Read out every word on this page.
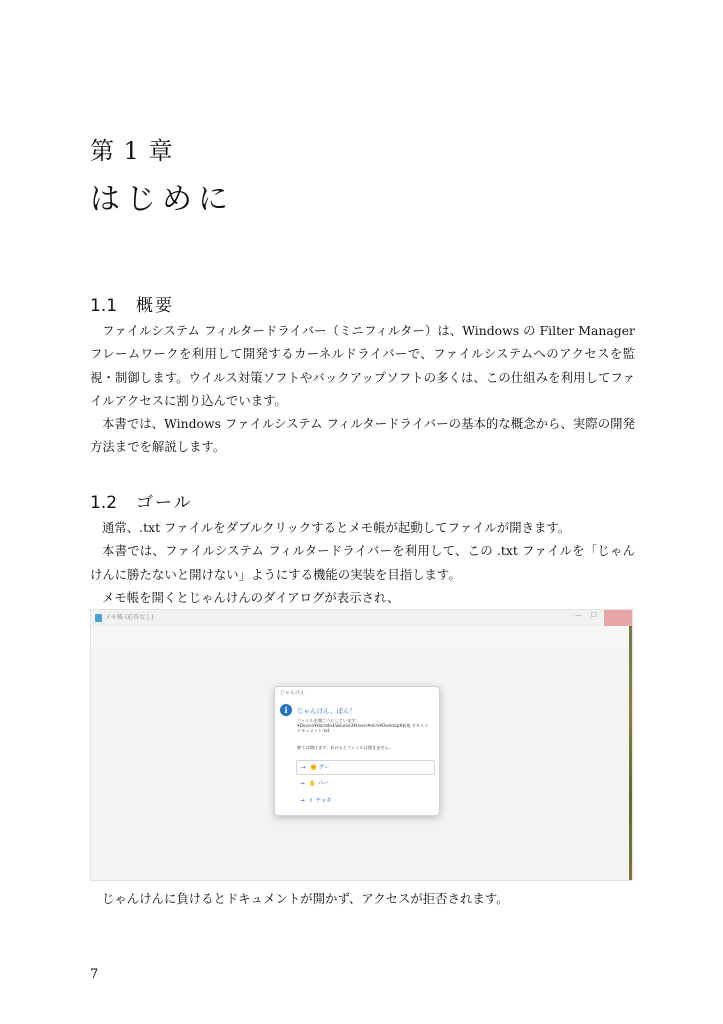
第 1 章
はじめに
1.1 概要

ファイルシステム フィルタードライバー（ミニフィルター）は、Windows の Filter Manager フレームワークを利用して開発するカーネルドライバーで、ファイルシステムへのアクセスを監視・制御します。ウイルス対策ソフトやバックアップソフトの多くは、この仕組みを利用してファイルアクセスに割り込んでいます。

本書では、Windows ファイルシステム フィルタードライバーの基本的な概念から、実際の開発方法までを解説します。

1.2 ゴール

通常、.txt ファイルをダブルクリックするとメモ帳が起動してファイルが開きます。

本書では、ファイルシステム フィルタードライバーを利用して、この .txt ファイルを「じゃんけんに勝たないと開けない」ようにする機能の実装を目指します。

メモ帳を開くとじゃんけんのダイアログが表示され、

メモ帳 (応答なし)	— ☐
じゃんけん
i	じゃんけん、ぽん！
ファイルを開こうとしています:
¥Device¥HarddiskVolume3¥Users¥dcm¥Desktop¥新規 テキスト
ドキュメント.txt
勝てば開けます。負けるとファイルは開きません。
→ ✊ グー
→ ✋ パー
→ ✌ チョキ
じゃんけんに負けるとドキュメントが開かず、アクセスが拒否されます。
7
